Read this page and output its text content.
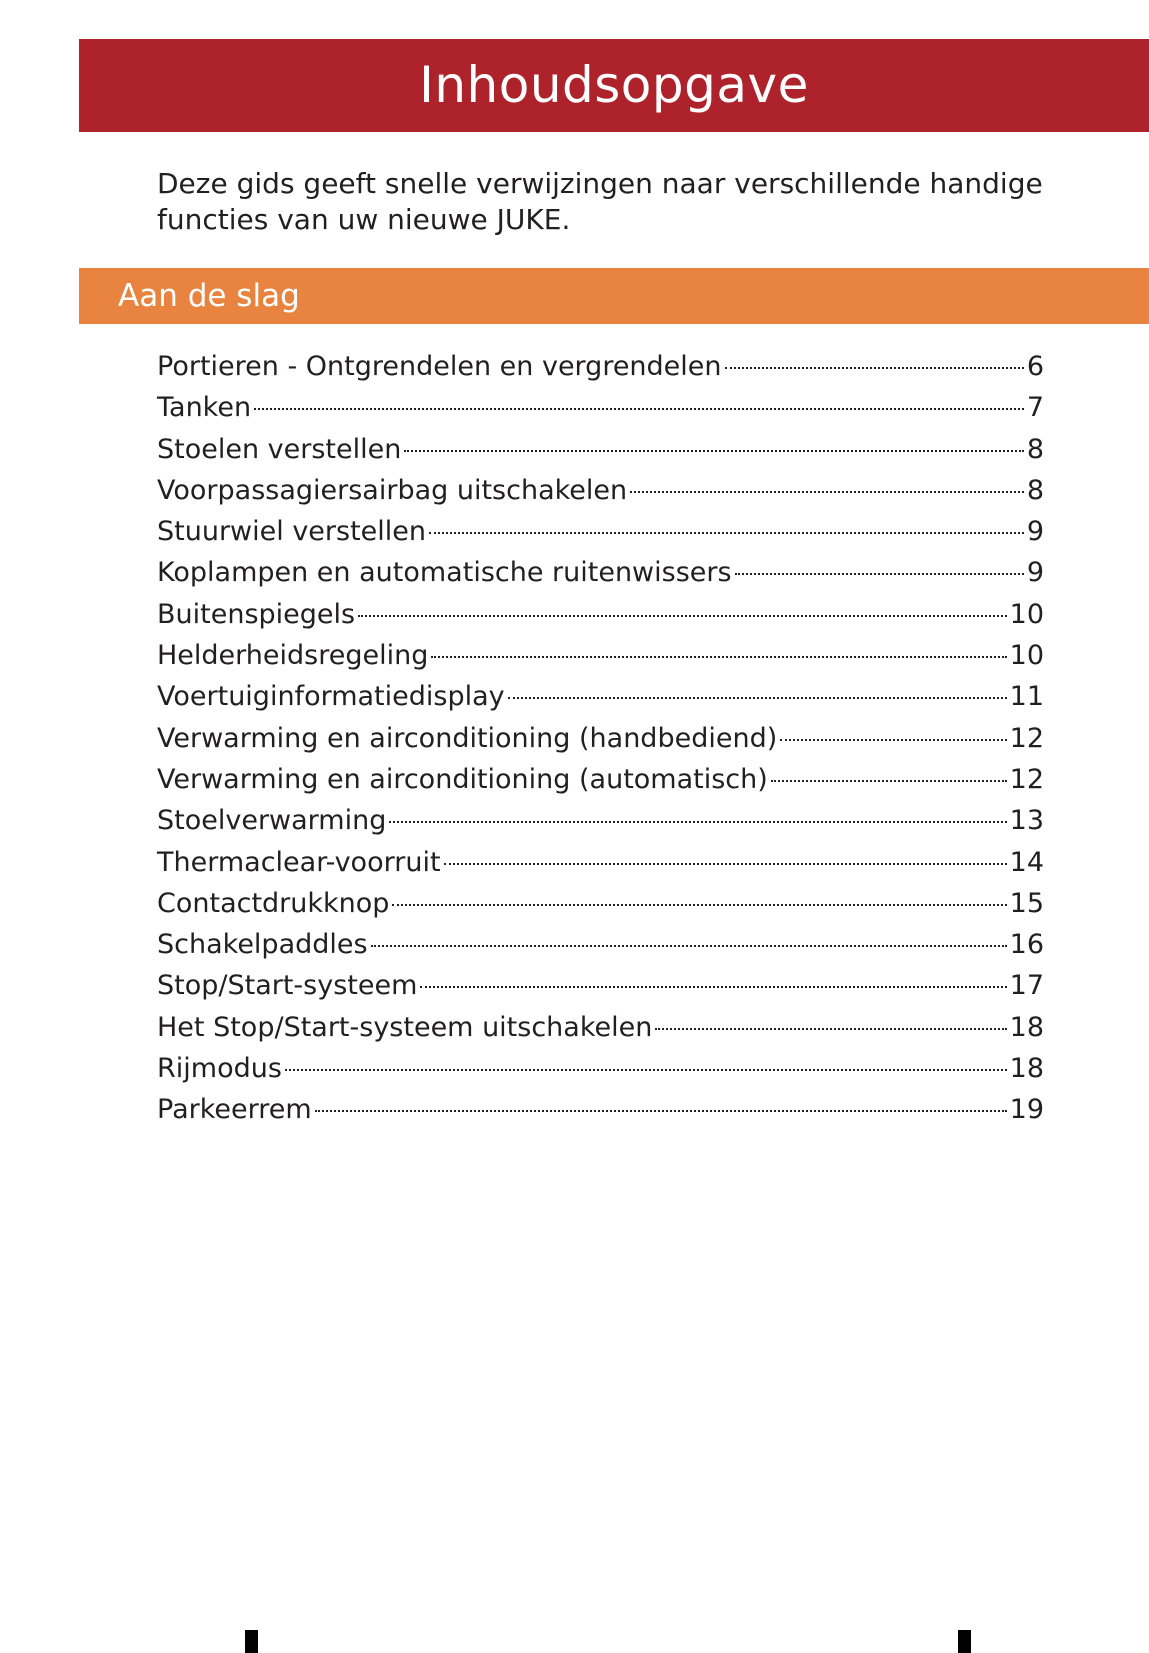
Inhoudsopgave
Deze gids geeft snelle verwijzingen naar verschillende handige functies van uw nieuwe JUKE.
Aan de slag
Portieren - Ontgrendelen en vergrendelen	6
Tanken	7
Stoelen verstellen	8
Voorpassagiersairbag uitschakelen	8
Stuurwiel verstellen	9
Koplampen en automatische ruitenwissers	9
Buitenspiegels	10
Helderheidsregeling	10
Voertuiginformatiedisplay	11
Verwarming en airconditioning (handbediend)	12
Verwarming en airconditioning (automatisch)	12
Stoelverwarming	13
Thermaclear-voorruit	14
Contactdrukknop	15
Schakelpaddles	16
Stop/Start-systeem	17
Het Stop/Start-systeem uitschakelen	18
Rijmodus	18
Parkeerrem	19
